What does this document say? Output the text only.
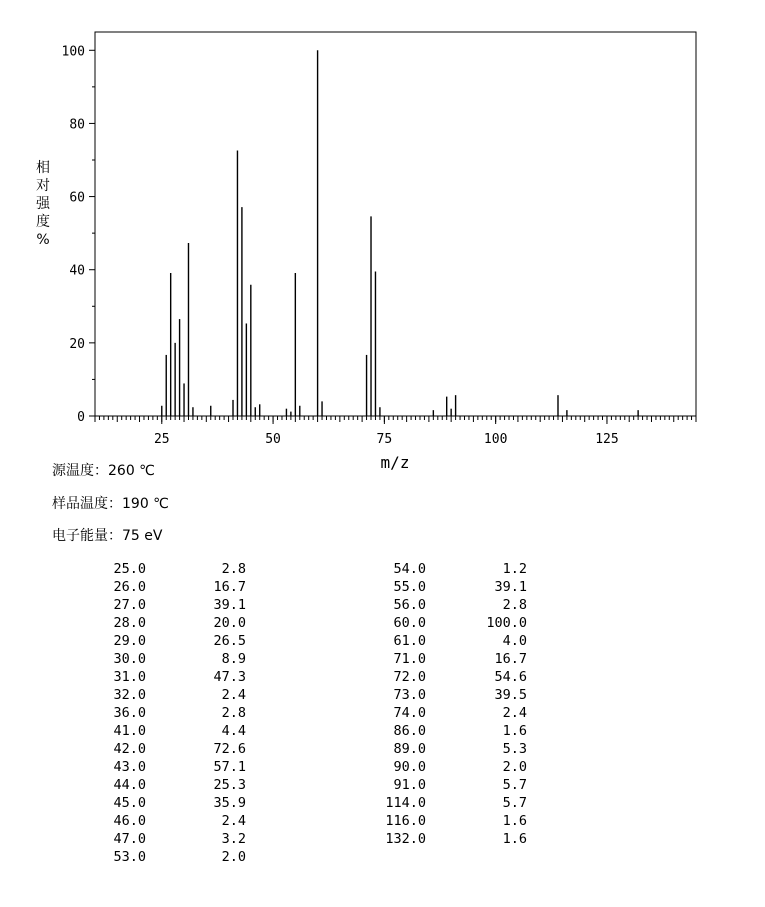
25	50	75	100	125
0
20
40
60
80
100
m/z
相
对
强
度
%
源温度：260 ℃
样品温度：190 ℃
电子能量：75 eV
25.0	2.8
26.0	16.7
27.0	39.1
28.0	20.0
29.0	26.5
30.0	8.9
31.0	47.3
32.0	2.4
36.0	2.8
41.0	4.4
42.0	72.6
43.0	57.1
44.0	25.3
45.0	35.9
46.0	2.4
47.0	3.2
53.0	2.0
54.0	1.2
55.0	39.1
56.0	2.8
60.0	100.0
61.0	4.0
71.0	16.7
72.0	54.6
73.0	39.5
74.0	2.4
86.0	1.6
89.0	5.3
90.0	2.0
91.0	5.7
114.0	5.7
116.0	1.6
132.0	1.6
